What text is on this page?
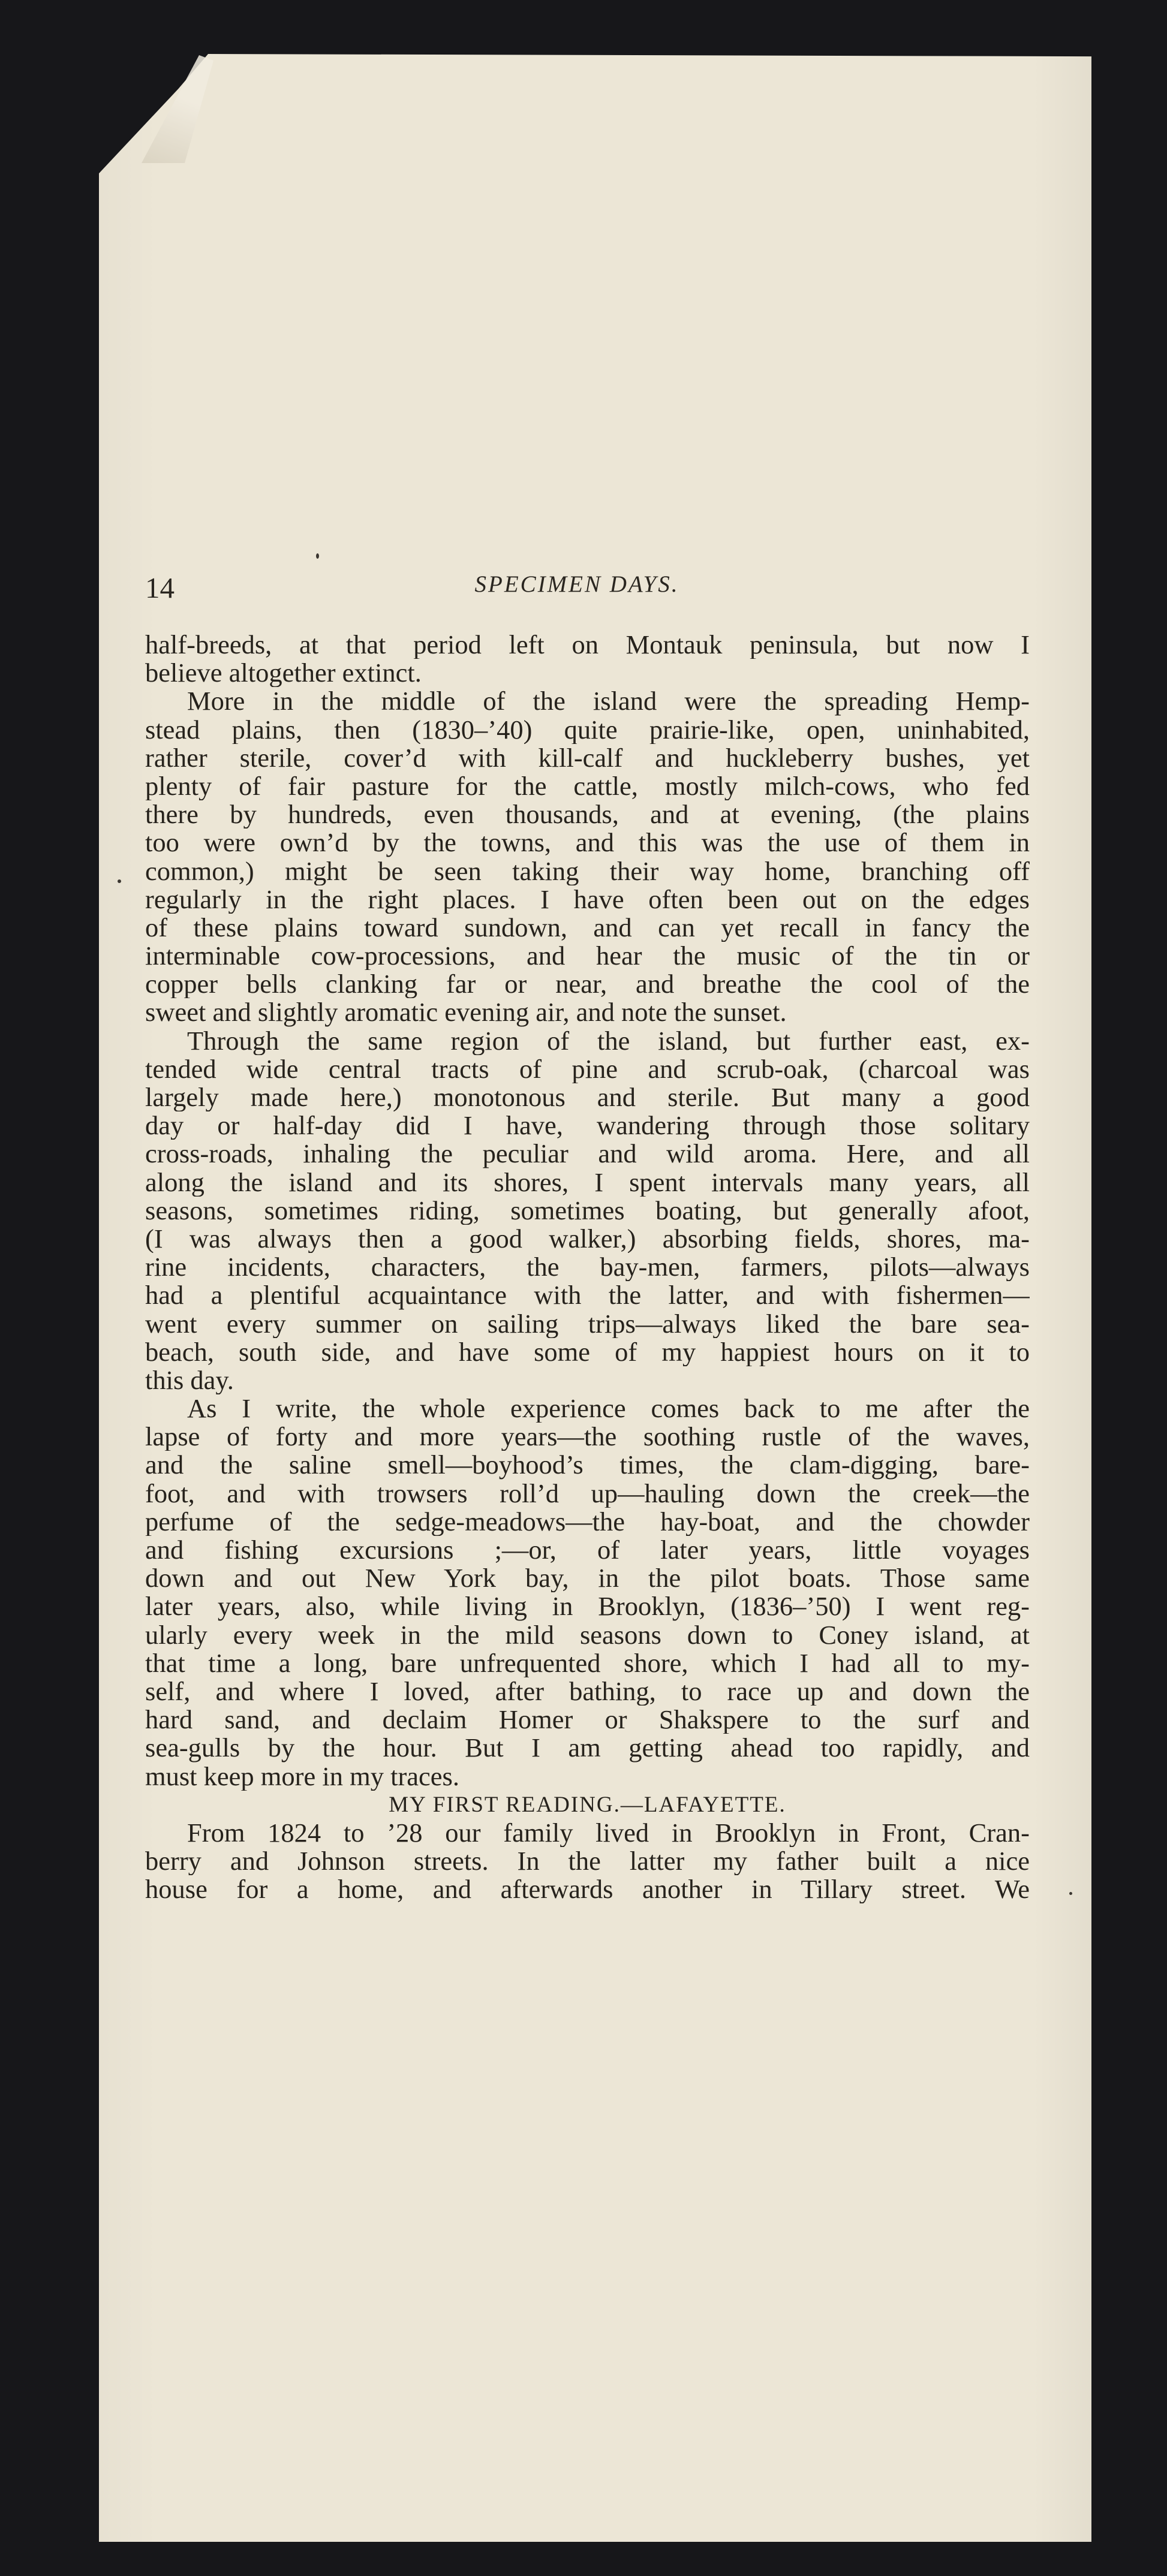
14	SPECIMEN DAYS.
half-breeds, at that period left on Montauk peninsula, but now I
believe altogether extinct.
More in the middle of the island were the spreading Hemp-
stead plains, then (1830–’40) quite prairie-like, open, uninhabited,
rather sterile, cover’d with kill-calf and huckleberry bushes, yet
plenty of fair pasture for the cattle, mostly milch-cows, who fed
there by hundreds, even thousands, and at evening, (the plains
too were own’d by the towns, and this was the use of them in
common,) might be seen taking their way home, branching off
regularly in the right places. I have often been out on the edges
of these plains toward sundown, and can yet recall in fancy the
interminable cow-processions, and hear the music of the tin or
copper bells clanking far or near, and breathe the cool of the
sweet and slightly aromatic evening air, and note the sunset.
Through the same region of the island, but further east, ex-
tended wide central tracts of pine and scrub-oak, (charcoal was
largely made here,) monotonous and sterile. But many a good
day or half-day did I have, wandering through those solitary
cross-roads, inhaling the peculiar and wild aroma. Here, and all
along the island and its shores, I spent intervals many years, all
seasons, sometimes riding, sometimes boating, but generally afoot,
(I was always then a good walker,) absorbing fields, shores, ma-
rine incidents, characters, the bay-men, farmers, pilots—always
had a plentiful acquaintance with the latter, and with fishermen—
went every summer on sailing trips—always liked the bare sea-
beach, south side, and have some of my happiest hours on it to
this day.
As I write, the whole experience comes back to me after the
lapse of forty and more years—the soothing rustle of the waves,
and the saline smell—boyhood’s times, the clam-digging, bare-
foot, and with trowsers roll’d up—hauling down the creek—the
perfume of the sedge-meadows—the hay-boat, and the chowder
and fishing excursions ;—or, of later years, little voyages
down and out New York bay, in the pilot boats. Those same
later years, also, while living in Brooklyn, (1836–’50) I went reg-
ularly every week in the mild seasons down to Coney island, at
that time a long, bare unfrequented shore, which I had all to my-
self, and where I loved, after bathing, to race up and down the
hard sand, and declaim Homer or Shakspere to the surf and
sea-gulls by the hour. But I am getting ahead too rapidly, and
must keep more in my traces.
MY FIRST READING.—LAFAYETTE.
From 1824 to ’28 our family lived in Brooklyn in Front, Cran-
berry and Johnson streets. In the latter my father built a nice
house for a home, and afterwards another in Tillary street. We
